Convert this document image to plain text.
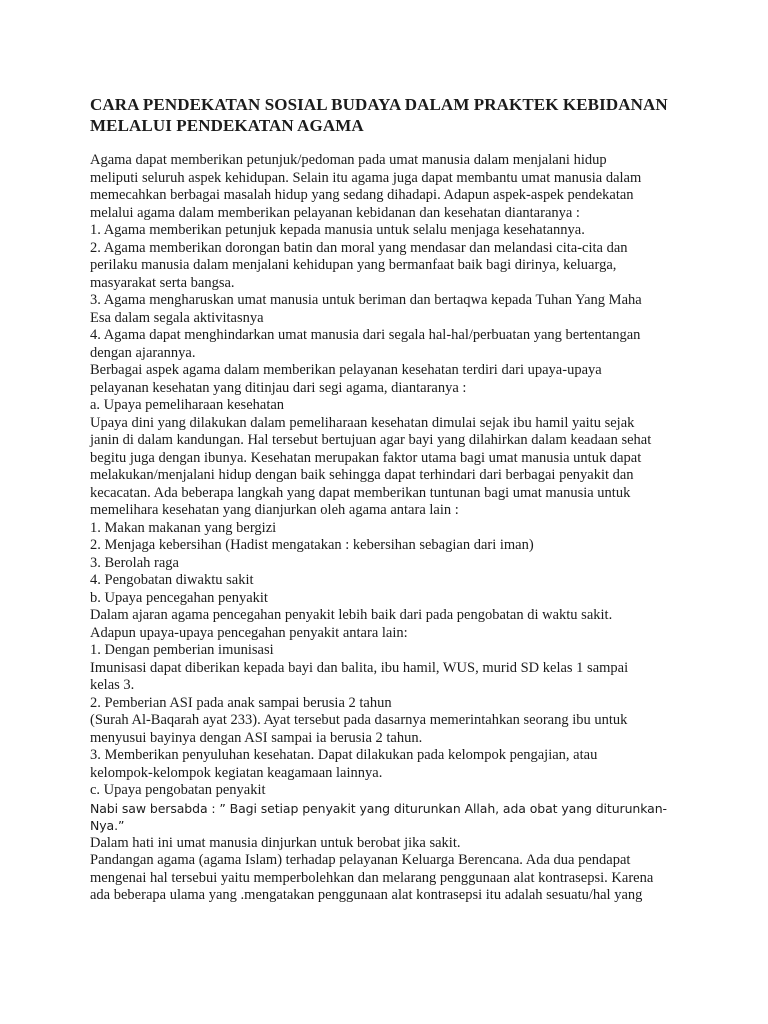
CARA PENDEKATAN SOSIAL BUDAYA DALAM PRAKTEK KEBIDANAN
MELALUI PENDEKATAN AGAMA

Agama dapat memberikan petunjuk/pedoman pada umat manusia dalam menjalani hidup

meliputi seluruh aspek kehidupan. Selain itu agama juga dapat membantu umat manusia dalam

memecahkan berbagai masalah hidup yang sedang dihadapi. Adapun aspek-aspek pendekatan

melalui agama dalam memberikan pelayanan kebidanan dan kesehatan diantaranya :

1. Agama memberikan petunjuk kepada manusia untuk selalu menjaga kesehatannya.

2. Agama memberikan dorongan batin dan moral yang mendasar dan melandasi cita-cita dan

perilaku manusia dalam menjalani kehidupan yang bermanfaat baik bagi dirinya, keluarga,

masyarakat serta bangsa.

3. Agama mengharuskan umat manusia untuk beriman dan bertaqwa kepada Tuhan Yang Maha

Esa dalam segala aktivitasnya

4. Agama dapat menghindarkan umat manusia dari segala hal-hal/perbuatan yang bertentangan

dengan ajarannya.

Berbagai aspek agama dalam memberikan pelayanan kesehatan terdiri dari upaya-upaya

pelayanan kesehatan yang ditinjau dari segi agama, diantaranya :

a. Upaya pemeliharaan kesehatan

Upaya dini yang dilakukan dalam pemeliharaan kesehatan dimulai sejak ibu hamil yaitu sejak

janin di dalam kandungan. Hal tersebut bertujuan agar bayi yang dilahirkan dalam keadaan sehat

begitu juga dengan ibunya. Kesehatan merupakan faktor utama bagi umat manusia untuk dapat

melakukan/menjalani hidup dengan baik sehingga dapat terhindari dari berbagai penyakit dan

kecacatan. Ada beberapa langkah yang dapat memberikan tuntunan bagi umat manusia untuk

memelihara kesehatan yang dianjurkan oleh agama antara lain :

1. Makan makanan yang bergizi

2. Menjaga kebersihan (Hadist mengatakan : kebersihan sebagian dari iman)

3. Berolah raga

4. Pengobatan diwaktu sakit

b. Upaya pencegahan penyakit

Dalam ajaran agama pencegahan penyakit lebih baik dari pada pengobatan di waktu sakit.

Adapun upaya-upaya pencegahan penyakit antara lain:

1. Dengan pemberian imunisasi

Imunisasi dapat diberikan kepada bayi dan balita, ibu hamil, WUS, murid SD kelas 1 sampai

kelas 3.

2. Pemberian ASI pada anak sampai berusia 2 tahun

(Surah Al-Baqarah ayat 233). Ayat tersebut pada dasarnya memerintahkan seorang ibu untuk

menyusui bayinya dengan ASI sampai ia berusia 2 tahun.

3. Memberikan penyuluhan kesehatan. Dapat dilakukan pada kelompok pengajian, atau

kelompok-kelompok kegiatan keagamaan lainnya.

c. Upaya pengobatan penyakit

Nabi saw bersabda : ” Bagi setiap penyakit yang diturunkan Allah, ada obat yang diturunkan-

Nya.”

Dalam hati ini umat manusia dinjurkan untuk berobat jika sakit.

Pandangan agama (agama Islam) terhadap pelayanan Keluarga Berencana. Ada dua pendapat

mengenai hal tersebui yaitu memperbolehkan dan melarang penggunaan alat kontrasepsi. Karena

ada beberapa ulama yang .mengatakan penggunaan alat kontrasepsi itu adalah sesuatu/hal yang
